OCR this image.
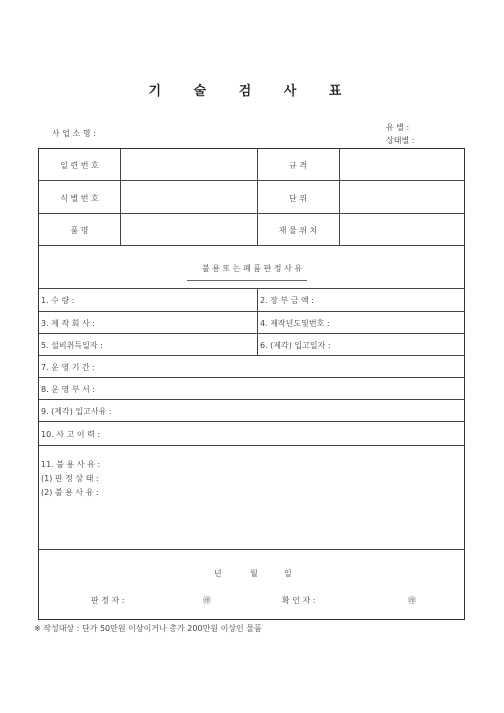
기 술 검 사 표
사 업 소 명 :
유 별 :
상태별 :
일 련 번 호	규 격
식 별 번 호	단 위
품 명	재 물 위 치
불 용 또 는 폐 품 판 정 사 유
1. 수 량 :	2. 장 부 금 액 :
3. 제 작 회 사 :	4. 제작년도및번호 :
5. 설비취득일자 :	6. (제각) 입고일자 :
7. 운 영 기 간 :
8. 운 영 부 서 :
9. (제각) 입고사유 :
10. 사 고 이 력 :
11. 불 용 사 유 :
(1) 판 정 상 태 :
(2) 불 용 사 유 :
년	월	일
판 정 자 :	㊞	확 인 자 :	㊞
※ 작성대상 : 단가 50만원 이상이거나 총가 200만원 이상인 물품
